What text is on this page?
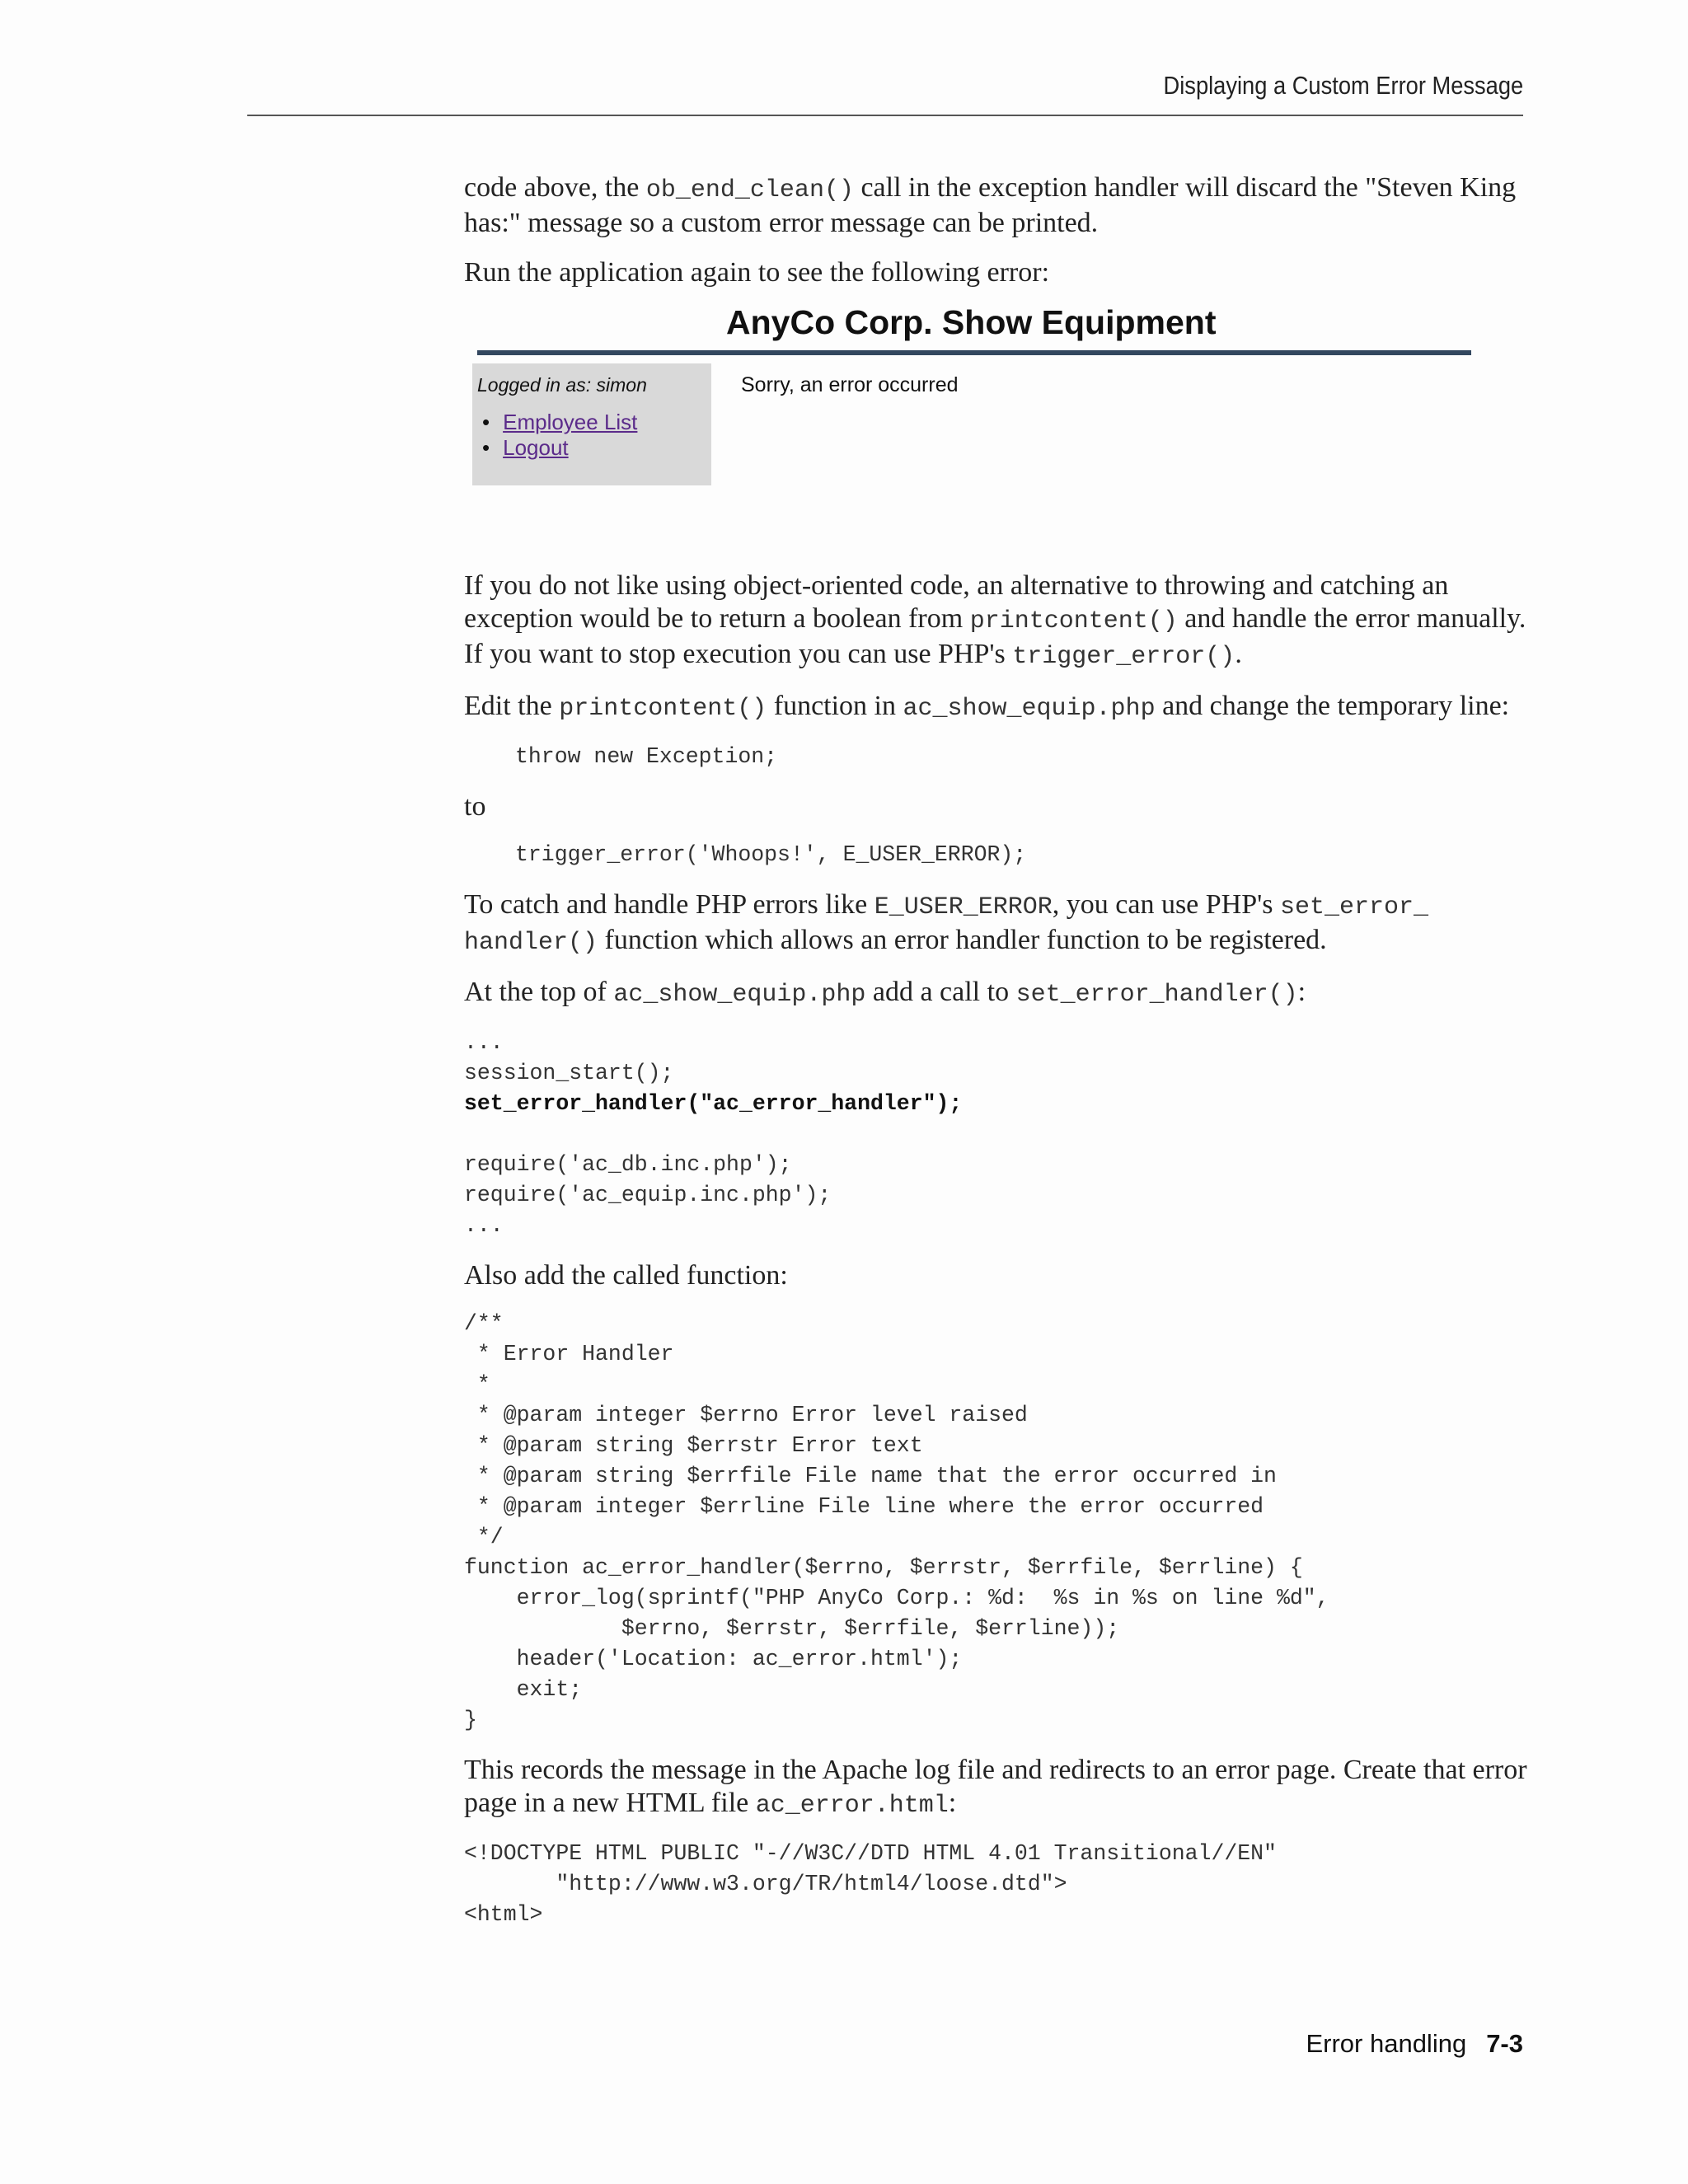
Displaying a Custom Error Message

code above, the ob_end_clean() call in the exception handler will discard the "Steven King has:" message so a custom error message can be printed.

Run the application again to see the following error:

AnyCo Corp. Show Equipment
Logged in as: simon
• Employee List
• Logout
Sorry, an error occurred

If you do not like using object-oriented code, an alternative to throwing and catching an exception would be to return a boolean from printcontent() and handle the error manually. If you want to stop execution you can use PHP's trigger_error().

Edit the printcontent() function in ac_show_equip.php and change the temporary line:

throw new Exception;

to

trigger_error('Whoops!', E_USER_ERROR);

To catch and handle PHP errors like E_USER_ERROR, you can use PHP's set_error_
handler() function which allows an error handler function to be registered.

At the top of ac_show_equip.php add a call to set_error_handler():

...
session_start();
set_error_handler("ac_error_handler");

require('ac_db.inc.php');
require('ac_equip.inc.php');
...

Also add the called function:

/**
* Error Handler
*
* @param integer $errno Error level raised
* @param string $errstr Error text
* @param string $errfile File name that the error occurred in
* @param integer $errline File line where the error occurred
*/
function ac_error_handler($errno, $errstr, $errfile, $errline) {
error_log(sprintf("PHP AnyCo Corp.: %d:  %s in %s on line %d",
$errno, $errstr, $errfile, $errline));
header('Location: ac_error.html');
exit;
}

This records the message in the Apache log file and redirects to an error page. Create that error page in a new HTML file ac_error.html:

<!DOCTYPE HTML PUBLIC "-//W3C//DTD HTML 4.01 Transitional//EN"
"http://www.w3.org/TR/html4/loose.dtd">
<html>
Error handling 7-3
